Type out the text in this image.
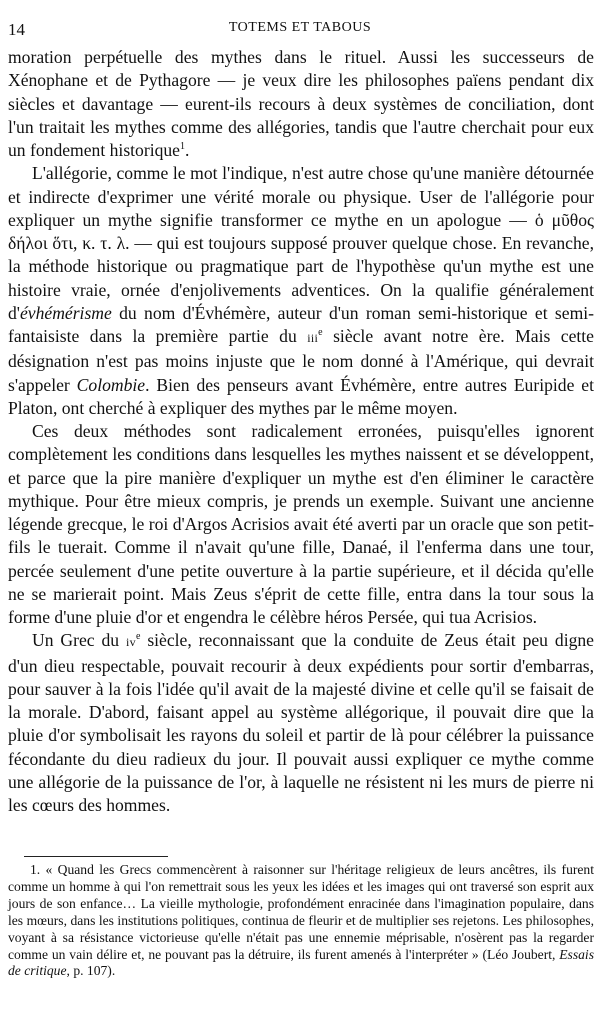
14	TOTEMS ET TABOUS

moration perpétuelle des mythes dans le rituel. Aussi les successeurs de Xénophane et de Pythagore — je veux dire les philosophes païens pendant dix siècles et davantage — eurent-ils recours à deux systèmes de conciliation, dont l'un traitait les mythes comme des allégories, tandis que l'autre cherchait pour eux un fondement historique$^1$.

L'allégorie, comme le mot l'indique, n'est autre chose qu'une manière détournée et indirecte d'exprimer une vérité morale ou physique. User de l'allégorie pour expliquer un mythe signifie transformer ce mythe en un apologue — ὁ μῦθος δήλοι ὅτι, κ. τ. λ. — qui est toujours supposé prouver quelque chose. En revanche, la méthode historique ou pragmatique part de l'hypothèse qu'un mythe est une histoire vraie, ornée d'enjolivements adventices. On la qualifie généralement d'évhémérisme du nom d'Évhémère, auteur d'un roman semi-historique et semi-fantaisiste dans la première partie du iii$^e$ siècle avant notre ère. Mais cette désignation n'est pas moins injuste que le nom donné à l'Amérique, qui devrait s'appeler Colombie. Bien des penseurs avant Évhémère, entre autres Euripide et Platon, ont cherché à expliquer des mythes par le même moyen.

Ces deux méthodes sont radicalement erronées, puisqu'elles ignorent complètement les conditions dans lesquelles les mythes naissent et se développent, et parce que la pire manière d'expliquer un mythe est d'en éliminer le caractère mythique. Pour être mieux compris, je prends un exemple. Suivant une ancienne légende grecque, le roi d'Argos Acrisios avait été averti par un oracle que son petit-fils le tuerait. Comme il n'avait qu'une fille, Danaé, il l'enferma dans une tour, percée seulement d'une petite ouverture à la partie supérieure, et il décida qu'elle ne se marierait point. Mais Zeus s'éprit de cette fille, entra dans la tour sous la forme d'une pluie d'or et engendra le célèbre héros Persée, qui tua Acrisios.

Un Grec du $iv^e$ siècle, reconnaissant que la conduite de Zeus était peu digne d'un dieu respectable, pouvait recourir à deux expédients pour sortir d'embarras, pour sauver à la fois l'idée qu'il avait de la majesté divine et celle qu'il se faisait de la morale. D'abord, faisant appel au système allégorique, il pouvait dire que la pluie d'or symbolisait les rayons du soleil et partir de là pour célébrer la puissance fécondante du dieu radieux du jour. Il pouvait aussi expliquer ce mythe comme une allégorie de la puissance de l'or, à laquelle ne résistent ni les murs de pierre ni les cœurs des hommes.

1. « Quand les Grecs commencèrent à raisonner sur l'héritage religieux de leurs ancêtres, ils furent comme un homme à qui l'on remettrait sous les yeux les idées et les images qui ont traversé son esprit aux jours de son enfance… La vieille mythologie, profondément enracinée dans l'imagination populaire, dans les mœurs, dans les institutions politiques, continua de fleurir et de multiplier ses rejetons. Les philosophes, voyant à sa résistance victorieuse qu'elle n'était pas une ennemie méprisable, n'osèrent pas la regarder comme un vain délire et, ne pouvant pas la détruire, ils furent amenés à l'interpréter » (Léo Joubert, Essais de critique, p. 107).
